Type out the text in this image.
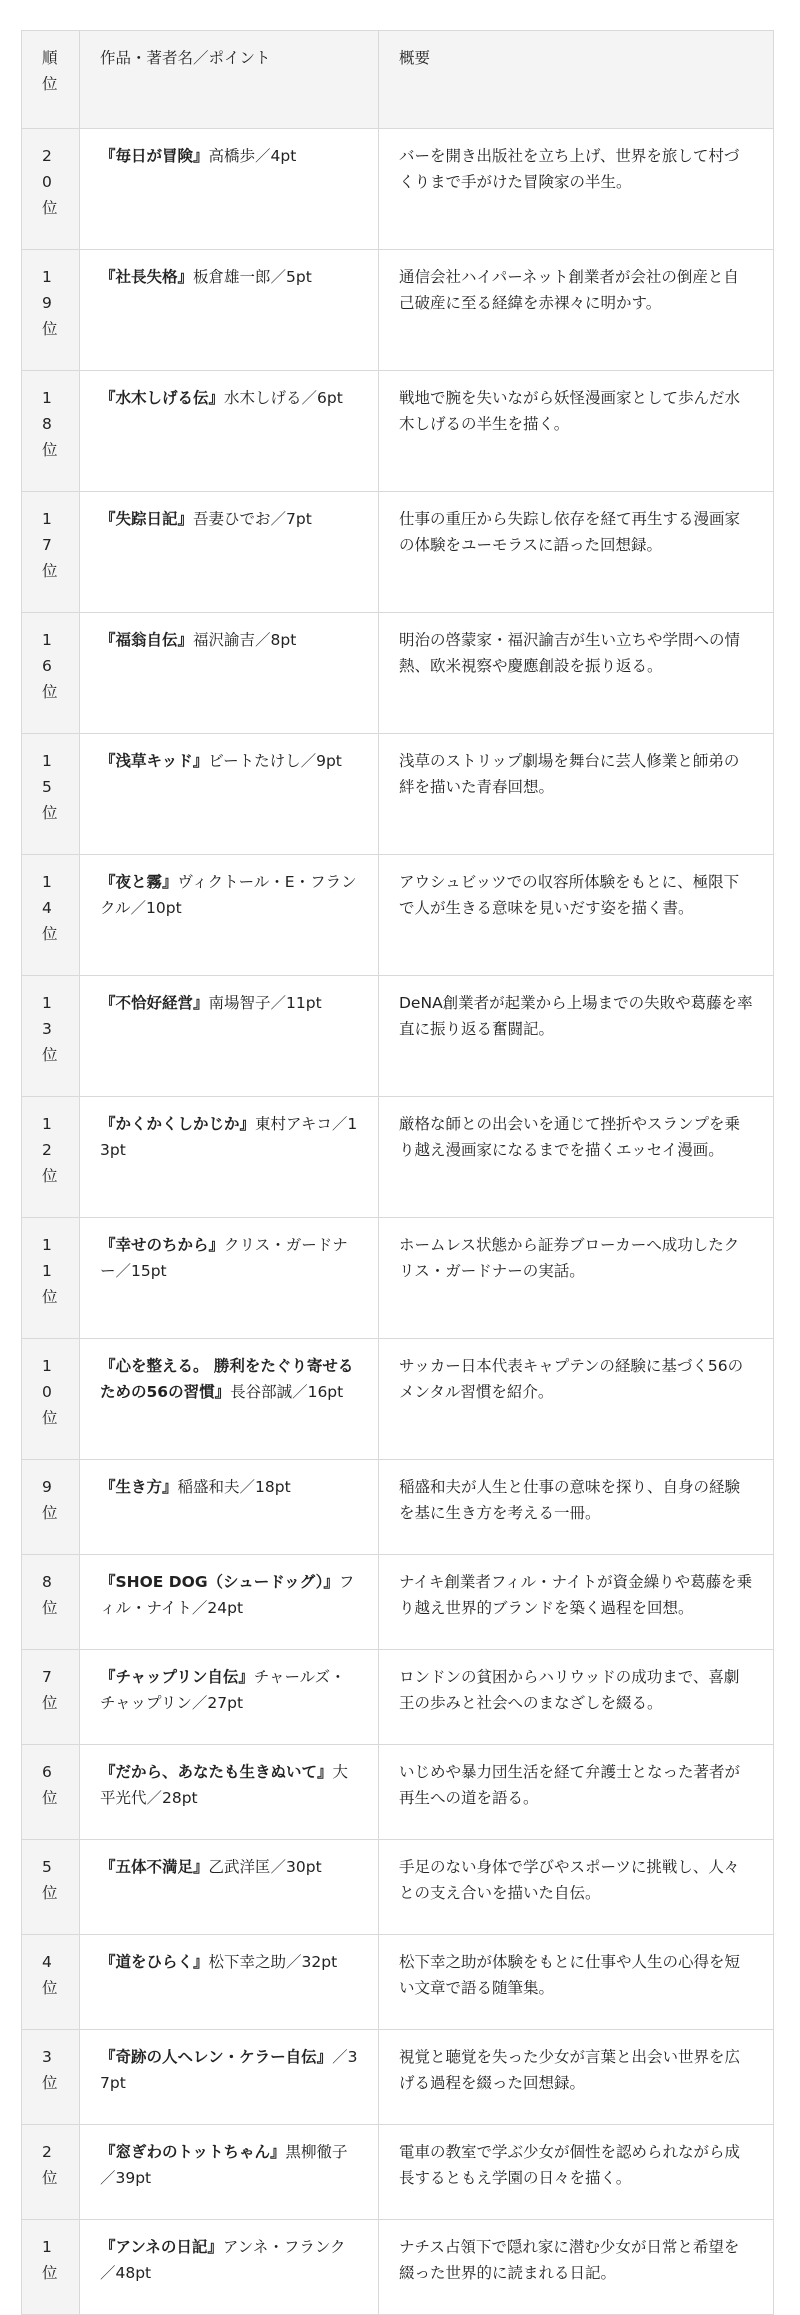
順位	作品・著者名／ポイント	概要
20位	『毎日が冒険』高橋歩／4pt	バーを開き出版社を立ち上げ、世界を旅して村づくりまで手がけた冒険家の半生。
19位	『社長失格』板倉雄一郎／5pt	通信会社ハイパーネット創業者が会社の倒産と自己破産に至る経緯を赤裸々に明かす。
18位	『水木しげる伝』水木しげる／6pt	戦地で腕を失いながら妖怪漫画家として歩んだ水木しげるの半生を描く。
17位	『失踪日記』吾妻ひでお／7pt	仕事の重圧から失踪し依存を経て再生する漫画家の体験をユーモラスに語った回想録。
16位	『福翁自伝』福沢諭吉／8pt	明治の啓蒙家・福沢諭吉が生い立ちや学問への情熱、欧米視察や慶應創設を振り返る。
15位	『浅草キッド』ビートたけし／9pt	浅草のストリップ劇場を舞台に芸人修業と師弟の絆を描いた青春回想。
14位	『夜と霧』ヴィクトール・E・フランクル／10pt	アウシュビッツでの収容所体験をもとに、極限下で人が生きる意味を見いだす姿を描く書。
13位	『不恰好経営』南場智子／11pt	DeNA創業者が起業から上場までの失敗や葛藤を率直に振り返る奮闘記。
12位	『かくかくしかじか』東村アキコ／13pt	厳格な師との出会いを通じて挫折やスランプを乗り越え漫画家になるまでを描くエッセイ漫画。
11位	『幸せのちから』クリス・ガードナー／15pt	ホームレス状態から証券ブローカーへ成功したクリス・ガードナーの実話。
10位	『心を整える。 勝利をたぐり寄せるための56の習慣』長谷部誠／16pt	サッカー日本代表キャプテンの経験に基づく56のメンタル習慣を紹介。
9位	『生き方』稲盛和夫／18pt	稲盛和夫が人生と仕事の意味を探り、自身の経験を基に生き方を考える一冊。
8位	『SHOE DOG（シュードッグ）』フィル・ナイト／24pt	ナイキ創業者フィル・ナイトが資金繰りや葛藤を乗り越え世界的ブランドを築く過程を回想。
7位	『チャップリン自伝』チャールズ・チャップリン／27pt	ロンドンの貧困からハリウッドの成功まで、喜劇王の歩みと社会へのまなざしを綴る。
6位	『だから、あなたも生きぬいて』大平光代／28pt	いじめや暴力団生活を経て弁護士となった著者が再生への道を語る。
5位	『五体不満足』乙武洋匡／30pt	手足のない身体で学びやスポーツに挑戦し、人々との支え合いを描いた自伝。
4位	『道をひらく』松下幸之助／32pt	松下幸之助が体験をもとに仕事や人生の心得を短い文章で語る随筆集。
3位	『奇跡の人ヘレン・ケラー自伝』／37pt	視覚と聴覚を失った少女が言葉と出会い世界を広げる過程を綴った回想録。
2位	『窓ぎわのトットちゃん』黒柳徹子／39pt	電車の教室で学ぶ少女が個性を認められながら成長するともえ学園の日々を描く。
1位	『アンネの日記』アンネ・フランク／48pt	ナチス占領下で隠れ家に潜む少女が日常と希望を綴った世界的に読まれる日記。
